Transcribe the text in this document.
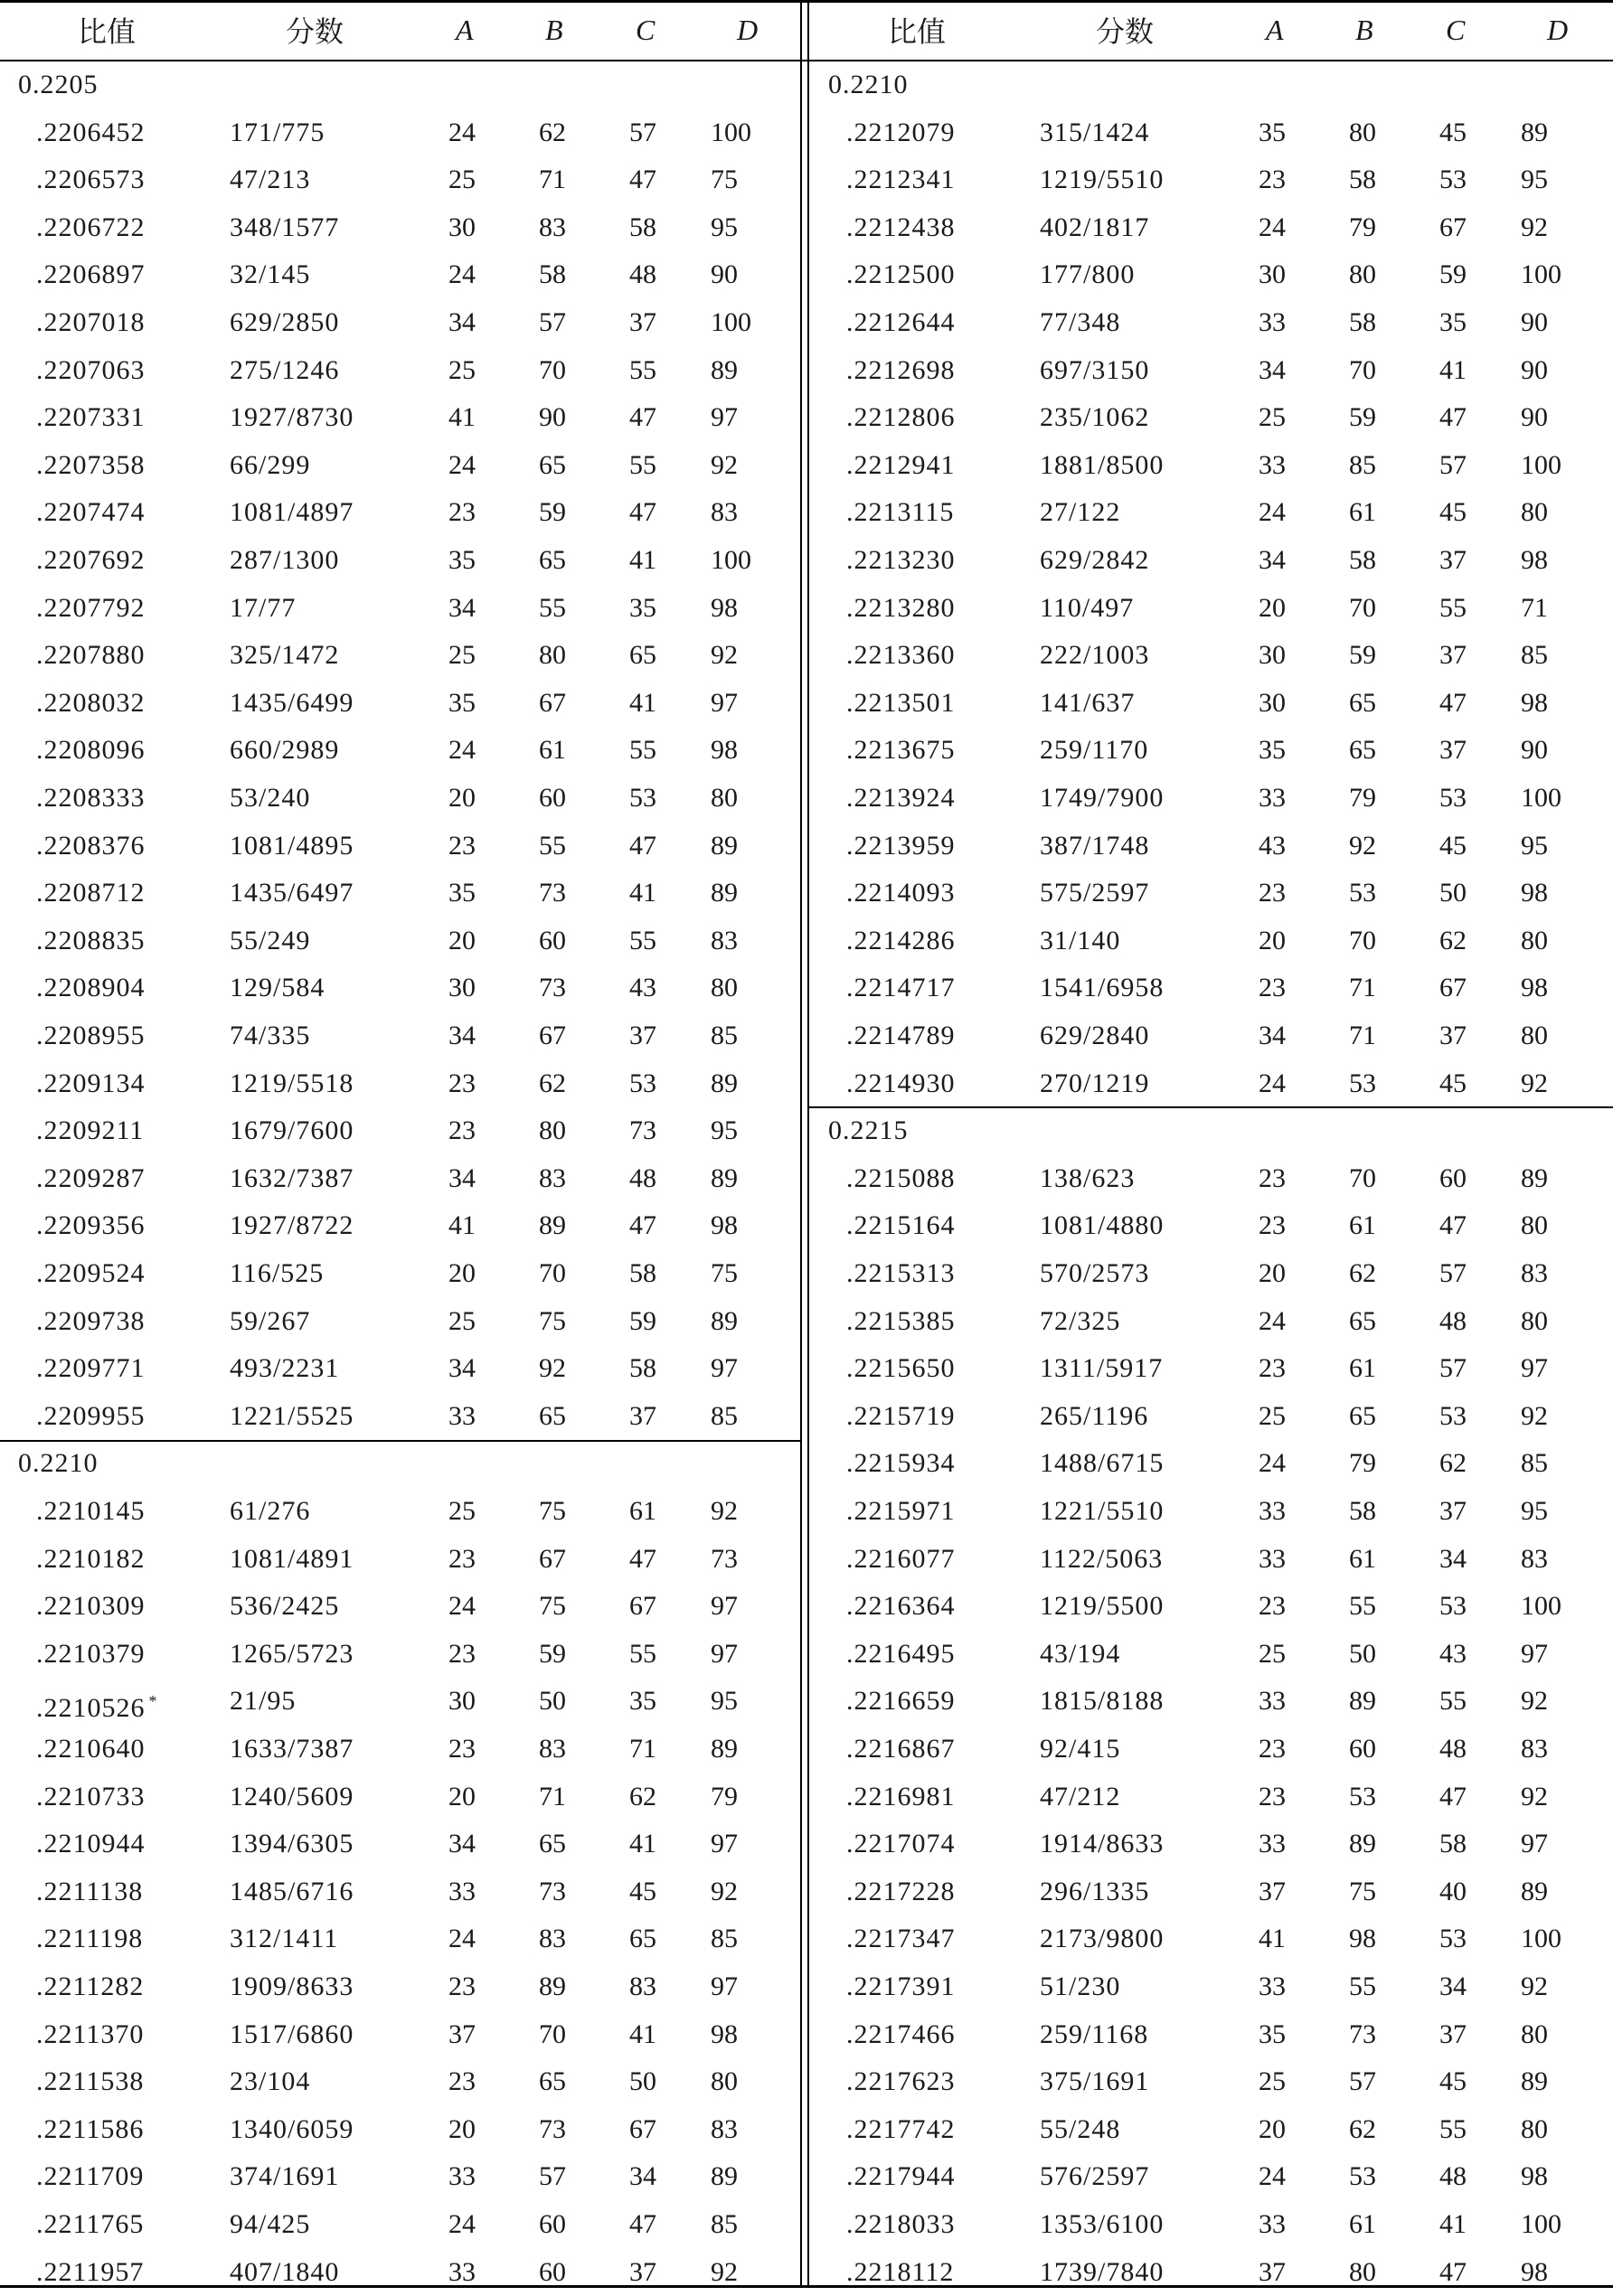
比值	分数	A B	C	D
0.2205
.2206452	171/775	24 62 57 100
.2206573	47/213	25 71 47 75
.2206722	348/1577	30 83 58 95
.2206897	32/145	24 58 48 90
.2207018	629/2850	34 57 37 100
.2207063	275/1246	25 70 55 89
.2207331	1927/8730	41 90 47 97
.2207358	66/299	24 65 55 92
.2207474	1081/4897	23 59 47 83
.2207692	287/1300	35 65 41 100
.2207792	17/77	34 55 35 98
.2207880	325/1472	25 80 65 92
.2208032	1435/6499	35 67 41 97
.2208096	660/2989	24 61 55 98
.2208333	53/240	20 60 53 80
.2208376	1081/4895	23 55 47 89
.2208712	1435/6497	35 73 41 89
.2208835	55/249	20 60 55 83
.2208904	129/584	30 73 43 80
.2208955	74/335	34 67 37 85
.2209134	1219/5518	23 62 53 89
.2209211	1679/7600	23 80 73 95
.2209287	1632/7387	34 83 48 89
.2209356	1927/8722	41 89 47 98
.2209524	116/525	20 70 58 75
.2209738	59/267	25 75 59 89
.2209771	493/2231	34 92 58 97
.2209955	1221/5525	33 65 37 85
0.2210
.2210145	61/276	25 75 61 92
.2210182	1081/4891	23 67 47 73
.2210309	536/2425	24 75 67 97
.2210379	1265/5723	23 59 55 97
.2210526 *	21/95	30 50 35 95
.2210640	1633/7387	23 83 71 89
.2210733	1240/5609	20 71 62 79
.2210944	1394/6305	34 65 41 97
.2211138	1485/6716	33 73 45 92
.2211198	312/1411	24 83 65 85
.2211282	1909/8633	23 89 83 97
.2211370	1517/6860	37 70 41 98
.2211538	23/104	23 65 50 80
.2211586	1340/6059	20 73 67 83
.2211709	374/1691	33 57 34 89
.2211765	94/425	24 60 47 85
.2211957	407/1840	33 60 37 92
比值	分数	A B	C	D
0.2210
.2212079	315/1424	35 80 45 89
.2212341	1219/5510	23 58 53 95
.2212438	402/1817	24 79 67 92
.2212500	177/800	30 80 59 100
.2212644	77/348	33 58 35 90
.2212698	697/3150	34 70 41 90
.2212806	235/1062	25 59 47 90
.2212941	1881/8500	33 85 57 100
.2213115	27/122	24 61 45 80
.2213230	629/2842	34 58 37 98
.2213280	110/497	20 70 55 71
.2213360	222/1003	30 59 37 85
.2213501	141/637	30 65 47 98
.2213675	259/1170	35 65 37 90
.2213924	1749/7900	33 79 53 100
.2213959	387/1748	43 92 45 95
.2214093	575/2597	23 53 50 98
.2214286	31/140	20 70 62 80
.2214717	1541/6958	23 71 67 98
.2214789	629/2840	34 71 37 80
.2214930	270/1219	24 53 45 92
0.2215
.2215088	138/623	23 70 60 89
.2215164	1081/4880	23 61 47 80
.2215313	570/2573	20 62 57 83
.2215385	72/325	24 65 48 80
.2215650	1311/5917	23 61 57 97
.2215719	265/1196	25 65 53 92
.2215934	1488/6715	24 79 62 85
.2215971	1221/5510	33 58 37 95
.2216077	1122/5063	33 61 34 83
.2216364	1219/5500	23 55 53 100
.2216495	43/194	25 50 43 97
.2216659	1815/8188	33 89 55 92
.2216867	92/415	23 60 48 83
.2216981	47/212	23 53 47 92
.2217074	1914/8633	33 89 58 97
.2217228	296/1335	37 75 40 89
.2217347	2173/9800	41 98 53 100
.2217391	51/230	33 55 34 92
.2217466	259/1168	35 73 37 80
.2217623	375/1691	25 57 45 89
.2217742	55/248	20 62 55 80
.2217944	576/2597	24 53 48 98
.2218033	1353/6100	33 61 41 100
.2218112	1739/7840	37 80 47 98
